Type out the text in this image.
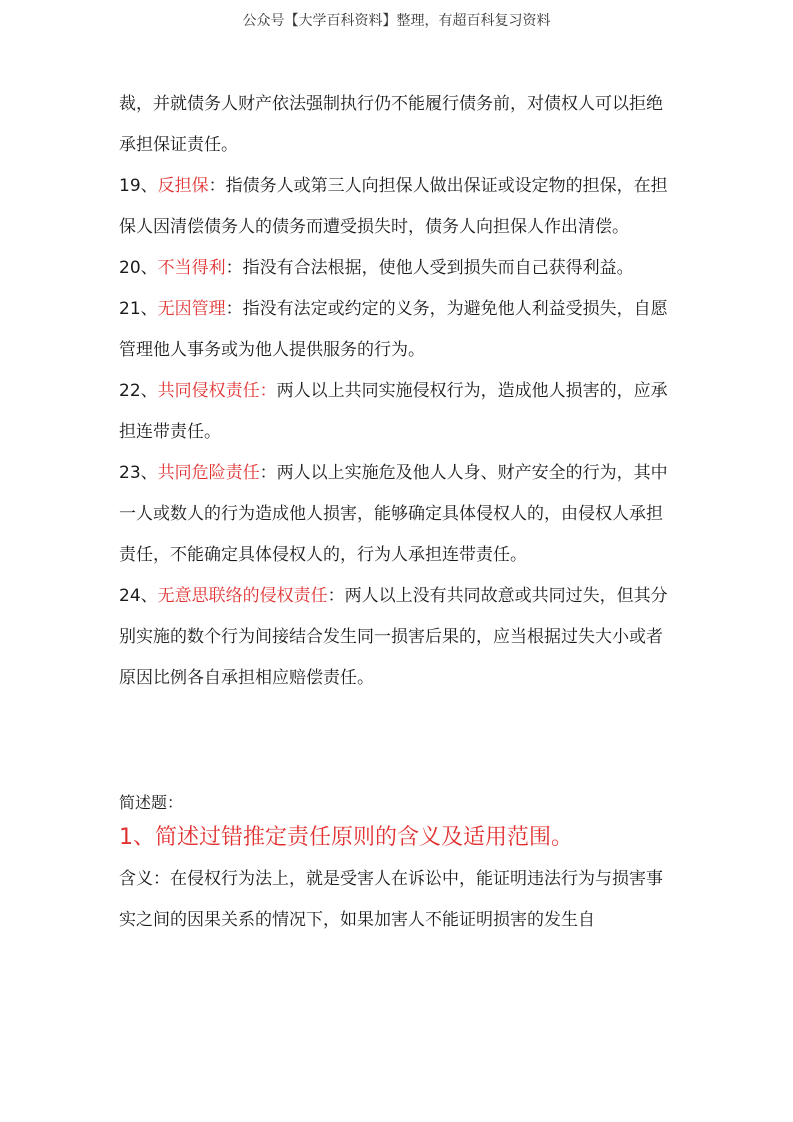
公众号【大学百科资料】整理，有超百科复习资料

裁，并就债务人财产依法强制执行仍不能履行债务前，对债权人可以拒绝承担保证责任。

19、反担保：指债务人或第三人向担保人做出保证或设定物的担保，在担保人因清偿债务人的债务而遭受损失时，债务人向担保人作出清偿。

20、不当得利：指没有合法根据，使他人受到损失而自己获得利益。

21、无因管理：指没有法定或约定的义务，为避免他人利益受损失，自愿管理他人事务或为他人提供服务的行为。

22、共同侵权责任：两人以上共同实施侵权行为，造成他人损害的，应承担连带责任。

23、共同危险责任：两人以上实施危及他人人身、财产安全的行为，其中一人或数人的行为造成他人损害，能够确定具体侵权人的，由侵权人承担责任，不能确定具体侵权人的，行为人承担连带责任。

24、无意思联络的侵权责任：两人以上没有共同故意或共同过失，但其分别实施的数个行为间接结合发生同一损害后果的，应当根据过失大小或者原因比例各自承担相应赔偿责任。

简述题：
1、简述过错推定责任原则的含义及适用范围。

含义：在侵权行为法上，就是受害人在诉讼中，能证明违法行为与损害事实之间的因果关系的情况下，如果加害人不能证明损害的发生自
